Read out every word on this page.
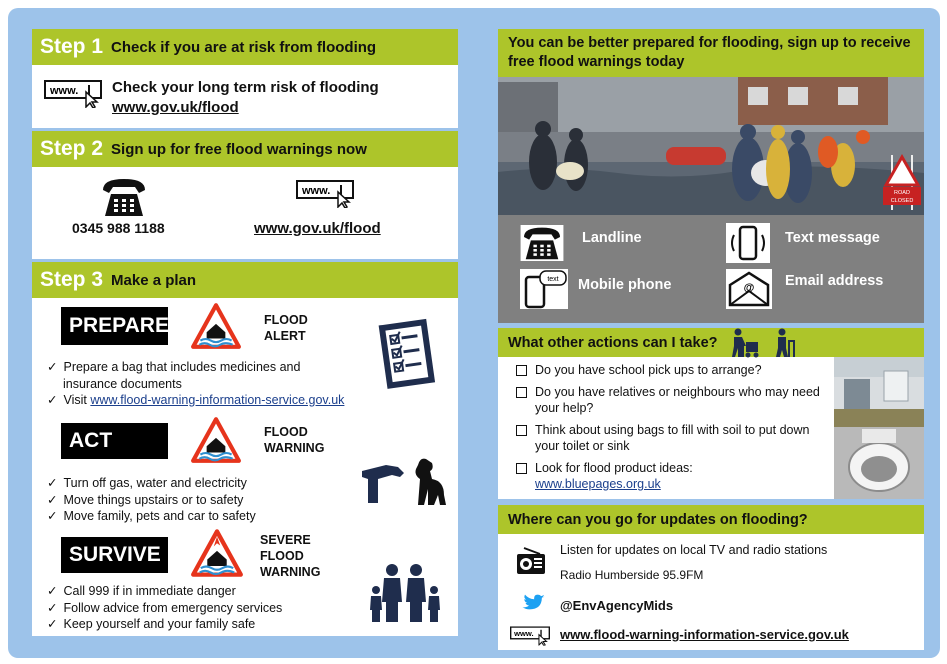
Step 1 Check if you are at risk from flooding
Check your long term risk of flooding
www.gov.uk/flood
Step 2 Sign up for free flood warnings now
0345 988 1188	www.gov.uk/flood
Step 3 Make a plan
PREPARE	FLOOD
ALERT
✓ Prepare a bag that includes medicines and insurance documents
✓ Visit www.flood-warning-information-service.gov.uk
ACT	FLOOD
WARNING
✓ Turn off gas, water and electricity
✓ Move things upstairs or to safety
✓ Move family, pets and car to safety
SURVIVE
SEVERE
FLOOD
WARNING
✓ Call 999 if in immediate danger
✓ Follow advice from emergency services
✓ Keep yourself and your family safe
You can be better prepared for flooding, sign up to receive free flood warnings today
ROAD
CLOSED
Landline	Text message
text Mobile phone	@ Email address
What other actions can I take?
Do you have school pick ups to arrange?
Do you have relatives or neighbours who may need your help?
Think about using bags to fill with soil to put down your toilet or sink
Look for flood product ideas:
www.bluepages.org.uk
Where can you go for updates on flooding?
Listen for updates on local TV and radio stations
Radio Humberside 95.9FM
@EnvAgencyMids
www.flood-warning-information-service.gov.uk
